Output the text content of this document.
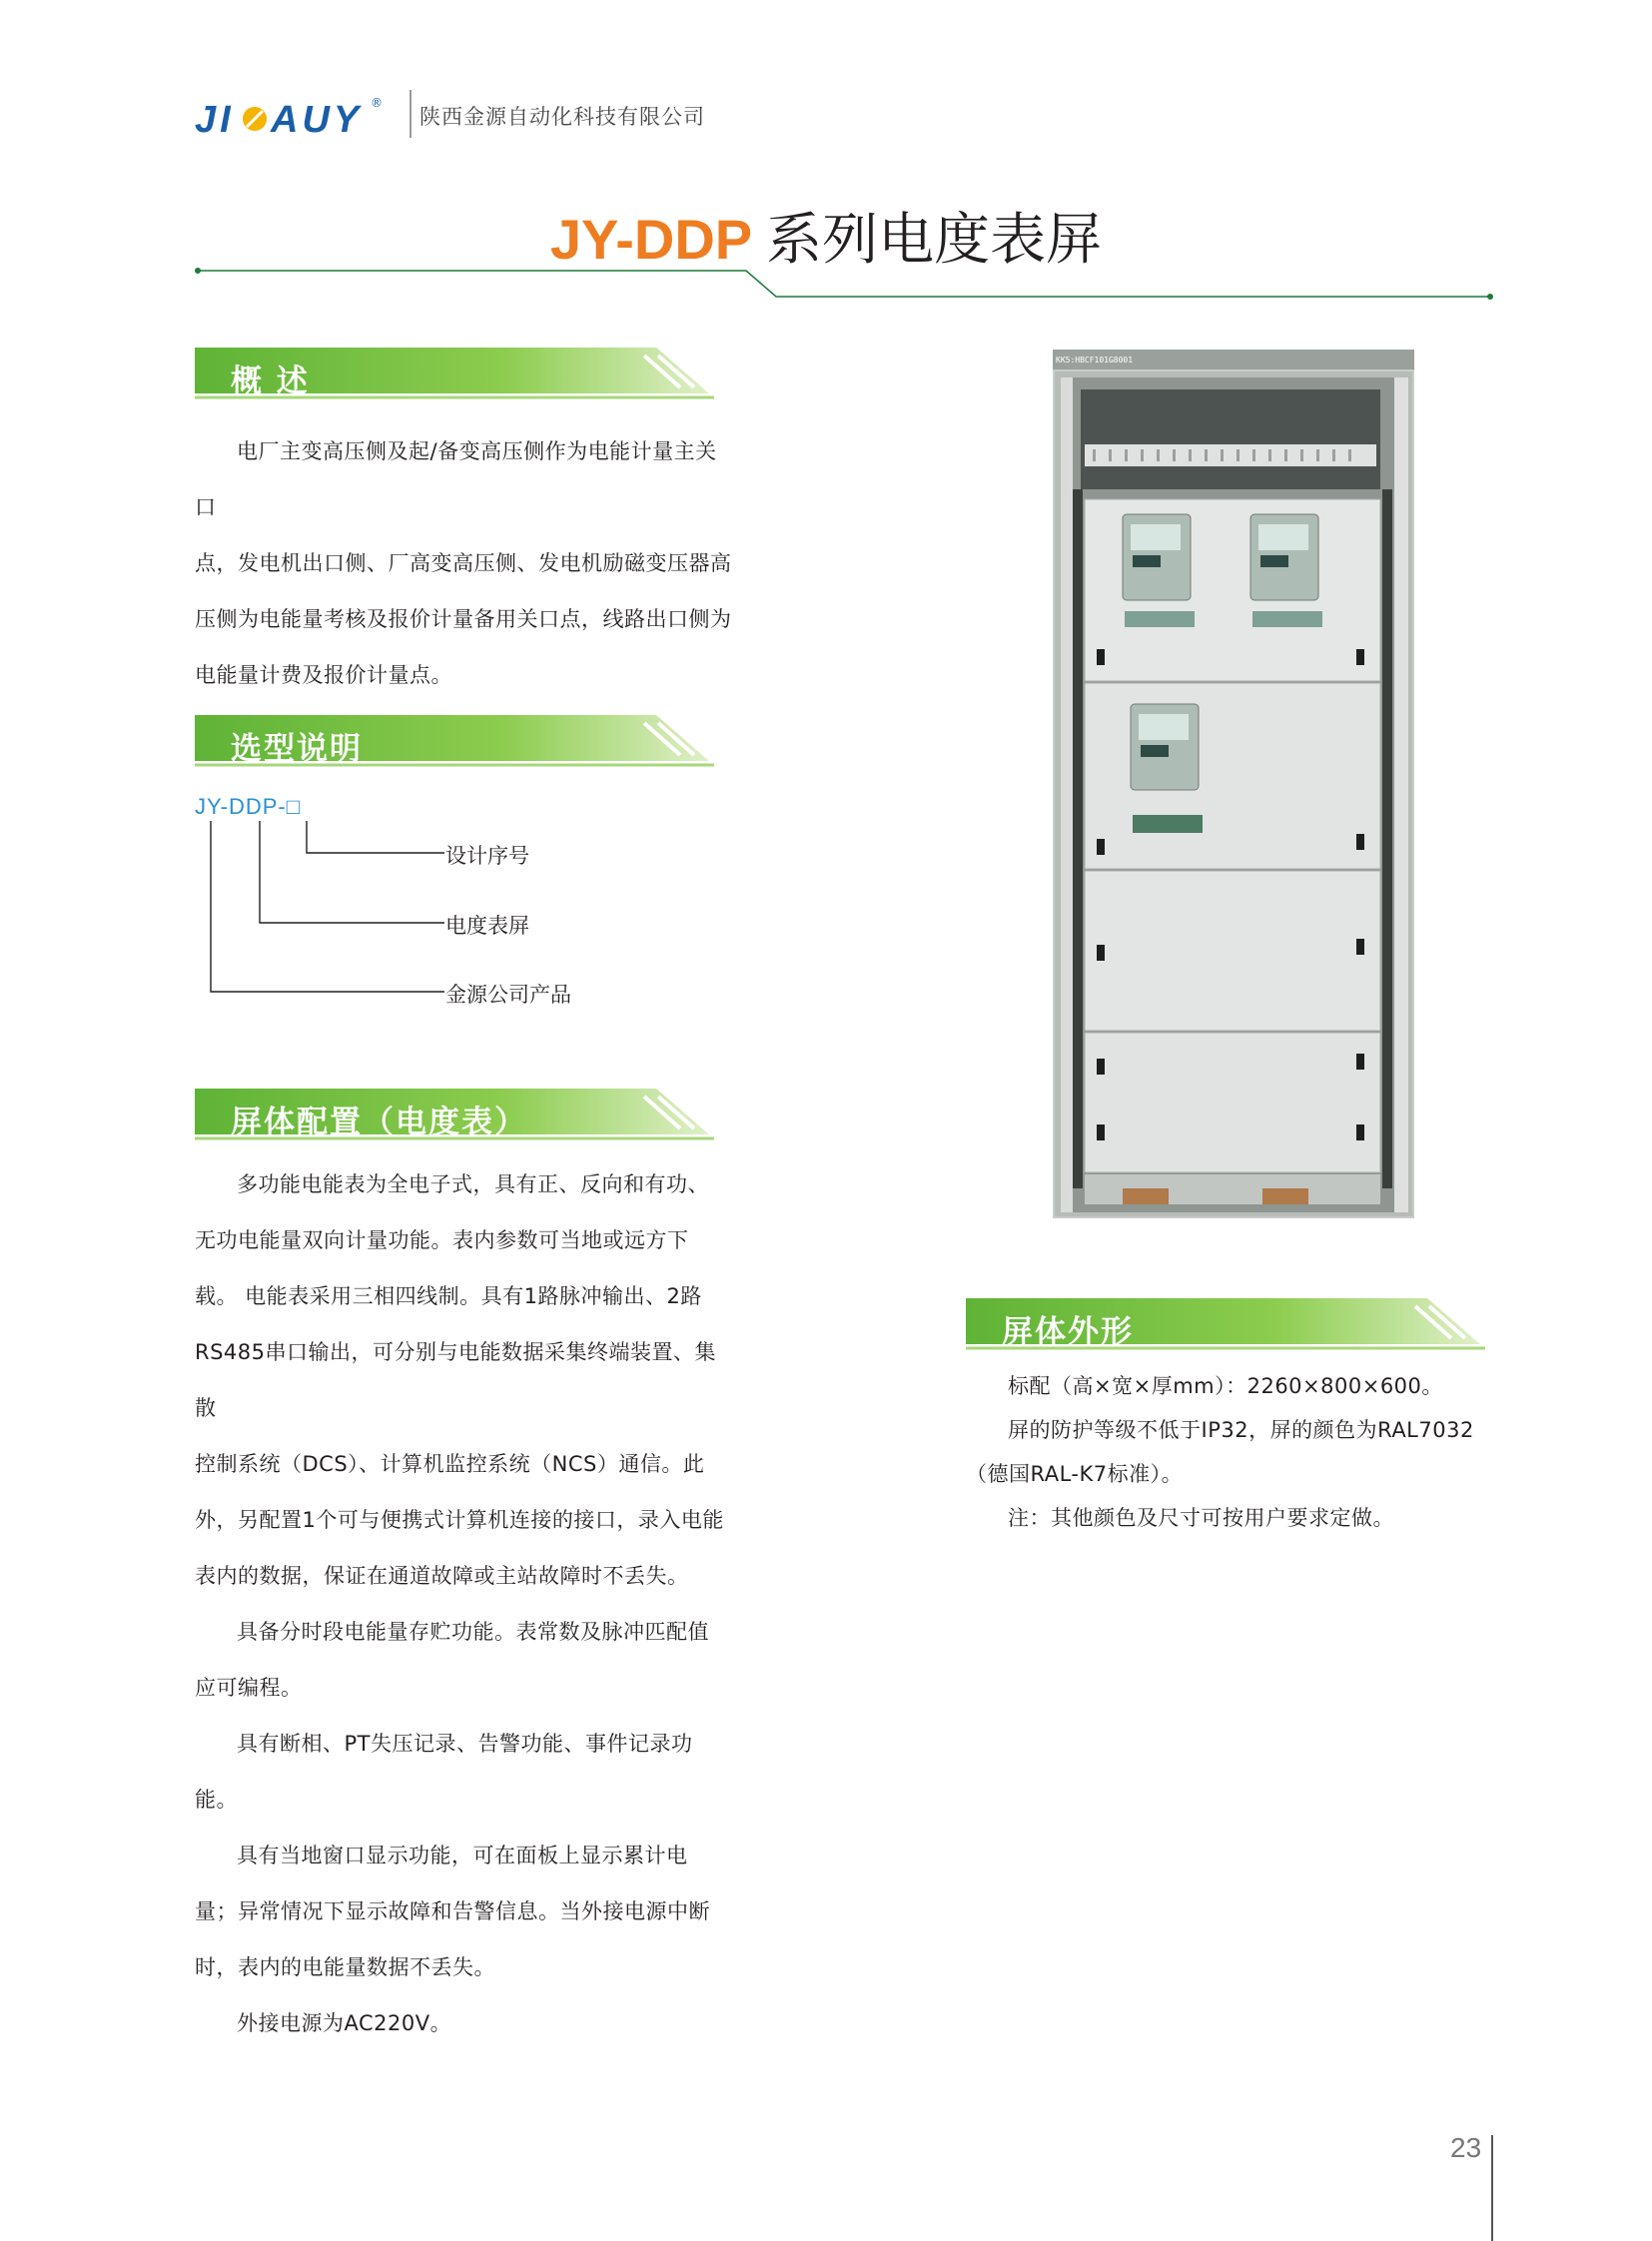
JI AUY ®
陕西金源自动化科技有限公司
JY-DDP 系列电度表屏
概 述

电厂主变高压侧及起/备变高压侧作为电能计量主关口

点，发电机出口侧、厂高变高压侧、发电机励磁变压器高

压侧为电能量考核及报价计量备用关口点，线路出口侧为

电能量计费及报价计量点。

选型说明
JY-DDP-□
设计序号
电度表屏
金源公司产品
屏体配置（电度表）

多功能电能表为全电子式，具有正、反向和有功、

无功电能量双向计量功能。表内参数可当地或远方下

载。 电能表采用三相四线制。具有1路脉冲输出、2路

RS485串口输出，可分别与电能数据采集终端装置、集散

控制系统（DCS）、计算机监控系统（NCS）通信。此

外，另配置1个可与便携式计算机连接的接口，录入电能

表内的数据，保证在通道故障或主站故障时不丢失。

具备分时段电能量存贮功能。表常数及脉冲匹配值

应可编程。

具有断相、PT失压记录、告警功能、事件记录功能。

具有当地窗口显示功能，可在面板上显示累计电

量；异常情况下显示故障和告警信息。当外接电源中断

时，表内的电能量数据不丢失。

外接电源为AC220V。

KK5:HBCF101G8001
屏体外形

标配（高×宽×厚mm）：2260×800×600。

屏的防护等级不低于IP32，屏的颜色为RAL7032

（德国RAL-K7标准）。

注：其他颜色及尺寸可按用户要求定做。

23
